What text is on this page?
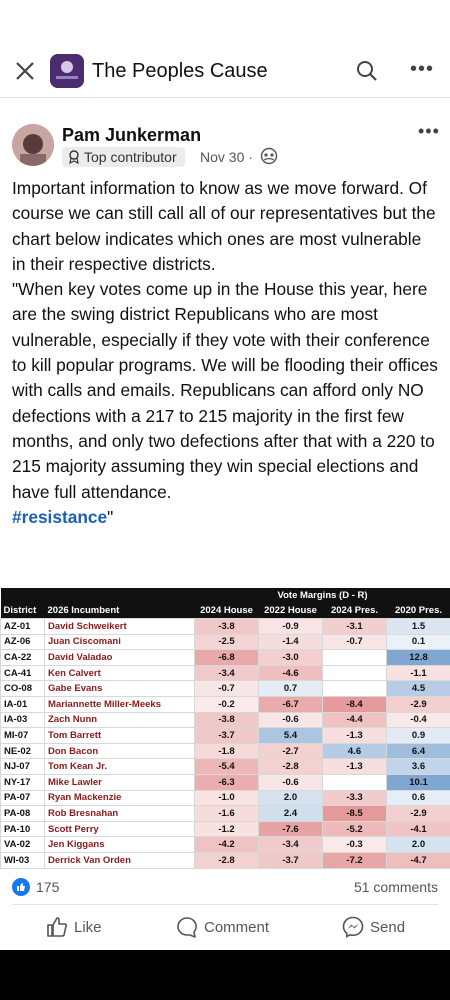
The Peoples Cause	•••
Pam Junkerman
Top contributor Nov 30 ·
•••
Important information to know as we move forward. Of course we can still call all of our representatives but the chart below indicates which ones are most vulnerable in their respective districts.
"When key votes come up in the House this year, here are the swing district Republicans who are most vulnerable, especially if they vote with their conference to kill popular programs. We will be flooding their offices with calls and emails. Republicans can afford only NO defections with a 217 to 215 majority in the first few months, and only two defections after that with a 220 to 215 majority assuming they win special elections and have full attendance.
#resistance"
		Vote Margins (D - R)			
District	2026 Incumbent	2024 House	2022 House	2024 Pres.	2020 Pres.
AZ-01	David Schweikert	-3.8	-0.9	-3.1	1.5
AZ-06	Juan Ciscomani	-2.5	-1.4	-0.7	0.1
CA-22	David Valadao	-6.8	-3.0		12.8
CA-41	Ken Calvert	-3.4	-4.6		-1.1
CO-08	Gabe Evans	-0.7	0.7		4.5
IA-01	Mariannette Miller-Meeks	-0.2	-6.7	-8.4	-2.9
IA-03	Zach Nunn	-3.8	-0.6	-4.4	-0.4
MI-07	Tom Barrett	-3.7	5.4	-1.3	0.9
NE-02	Don Bacon	-1.8	-2.7	4.6	6.4
NJ-07	Tom Kean Jr.	-5.4	-2.8	-1.3	3.6
NY-17	Mike Lawler	-6.3	-0.6		10.1
PA-07	Ryan Mackenzie	-1.0	2.0	-3.3	0.6
PA-08	Rob Bresnahan	-1.6	2.4	-8.5	-2.9
PA-10	Scott Perry	-1.2	-7.6	-5.2	-4.1
VA-02	Jen Kiggans	-4.2	-3.4	-0.3	2.0
WI-03	Derrick Van Orden	-2.8	-3.7	-7.2	-4.7
175	51 comments
Like	Comment	Send
